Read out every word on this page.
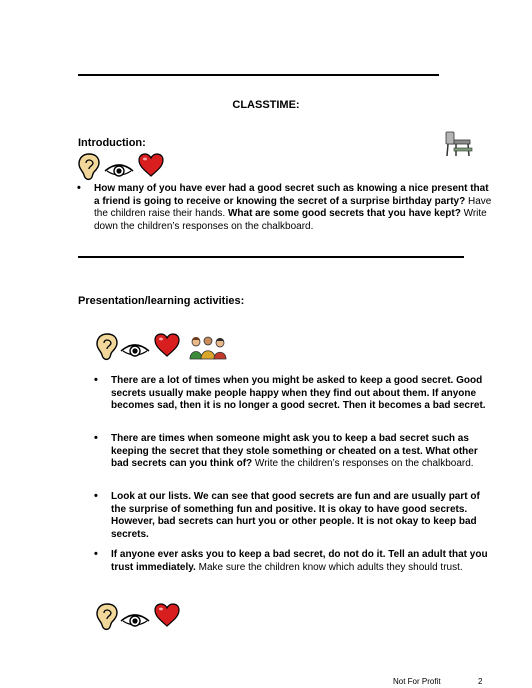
CLASSTIME:
Introduction:
• How many of you have ever had a good secret such as knowing a nice present that a friend is going to receive or knowing the secret of a surprise birthday party? Have the children raise their hands. What are some good secrets that you have kept? Write down the children’s responses on the chalkboard.
Presentation/learning activities:
• There are a lot of times when you might be asked to keep a good secret. Good secrets usually make people happy when they find out about them. If anyone becomes sad, then it is no longer a good secret. Then it becomes a bad secret.
• There are times when someone might ask you to keep a bad secret such as keeping the secret that they stole something or cheated on a test. What other bad secrets can you think of? Write the children’s responses on the chalkboard.
• Look at our lists. We can see that good secrets are fun and are usually part of the surprise of something fun and positive. It is okay to have good secrets. However, bad secrets can hurt you or other people. It is not okay to keep bad secrets.
• If anyone ever asks you to keep a bad secret, do not do it. Tell an adult that you trust immediately. Make sure the children know which adults they should trust.
Not For Profit	2
